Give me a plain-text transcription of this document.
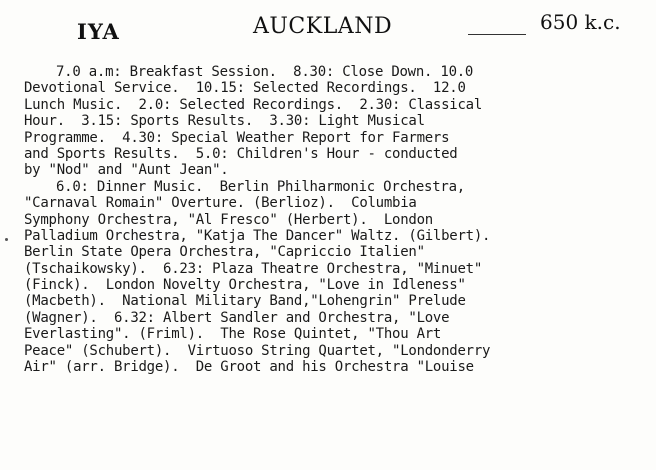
IYA	AUCKLAND	650 k.c.
7.0 a.m: Breakfast Session.  8.30: Close Down. 10.0
Devotional Service.  10.15: Selected Recordings.  12.0
Lunch Music.  2.0: Selected Recordings.  2.30: Classical
Hour.  3.15: Sports Results.  3.30: Light Musical
Programme.  4.30: Special Weather Report for Farmers
and Sports Results.  5.0: Children's Hour - conducted
by "Nod" and "Aunt Jean".
6.0: Dinner Music.  Berlin Philharmonic Orchestra,
"Carnaval Romain" Overture. (Berlioz).  Columbia
Symphony Orchestra, "Al Fresco" (Herbert).  London
Palladium Orchestra, "Katja The Dancer" Waltz. (Gilbert).
Berlin State Opera Orchestra, "Capriccio Italien"
(Tschaikowsky).  6.23: Plaza Theatre Orchestra, "Minuet"
(Finck).  London Novelty Orchestra, "Love in Idleness"
(Macbeth).  National Military Band,"Lohengrin" Prelude
(Wagner).  6.32: Albert Sandler and Orchestra, "Love
Everlasting". (Friml).  The Rose Quintet, "Thou Art
Peace" (Schubert).  Virtuoso String Quartet, "Londonderry
Air" (arr. Bridge).  De Groot and his Orchestra "Louise
